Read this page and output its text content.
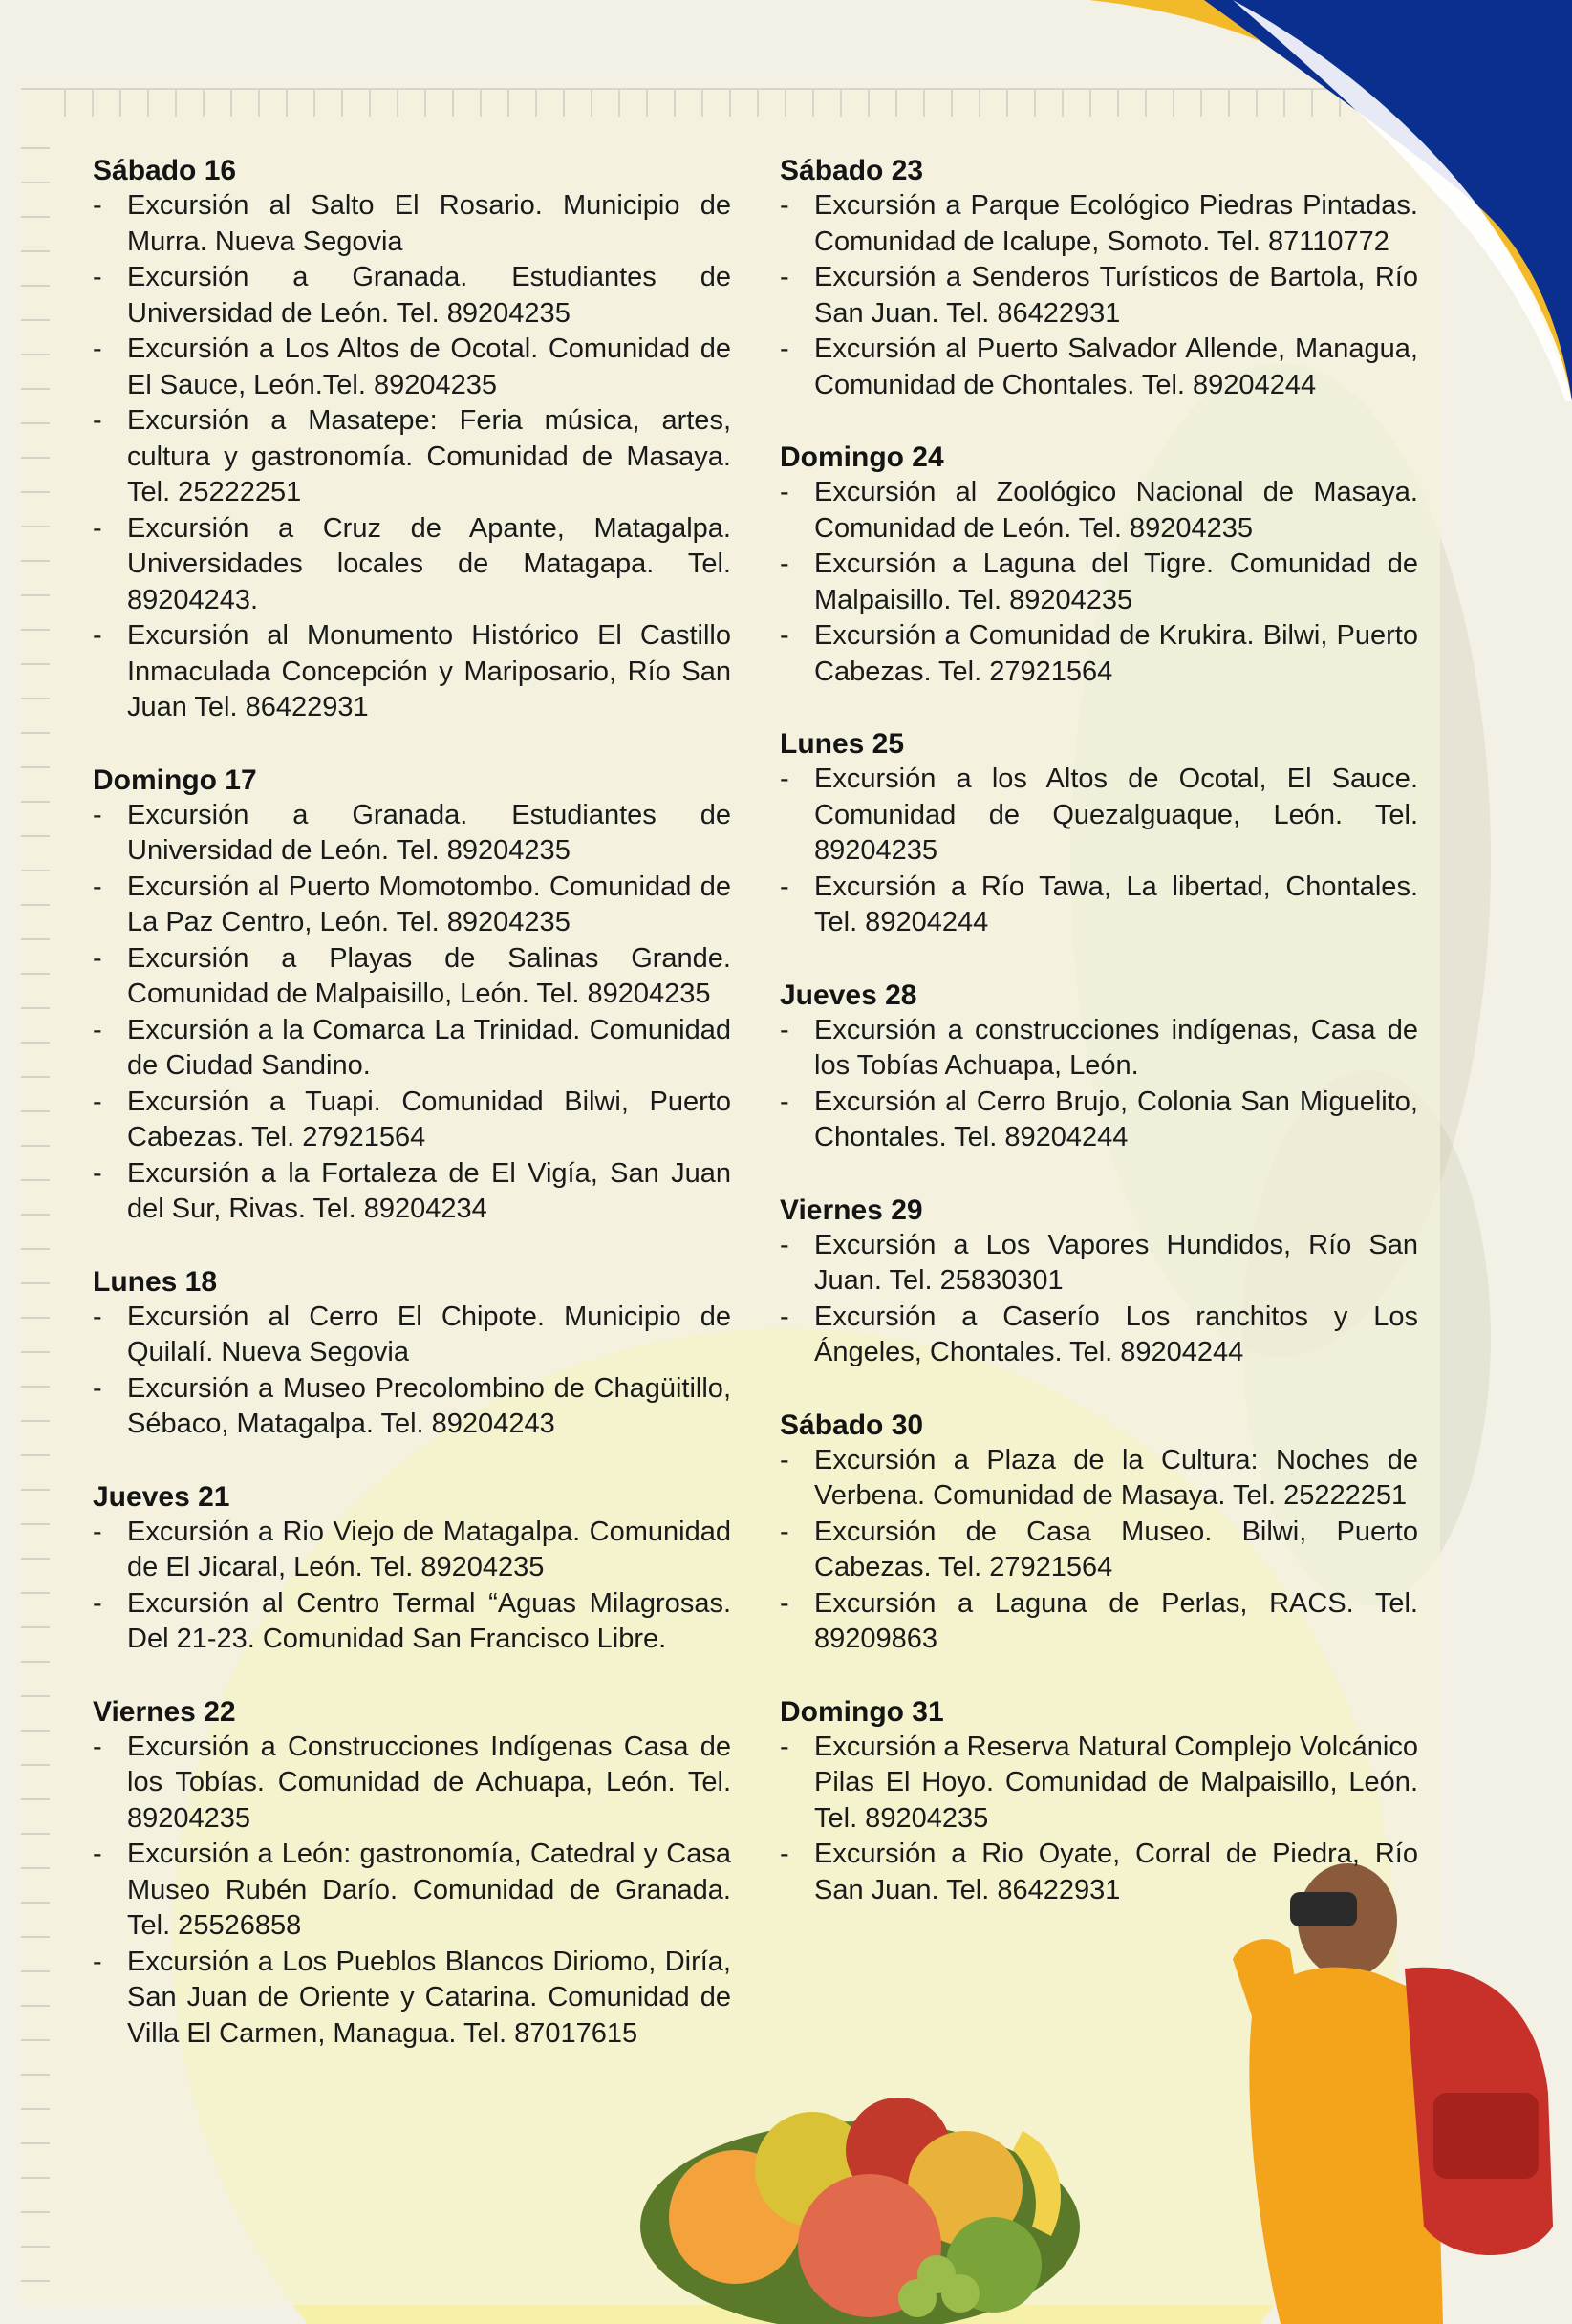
Sábado 16
- Excursión al Salto El Rosario. Municipio de Murra. Nueva Segovia
- Excursión a Granada. Estudiantes de Universidad de León. Tel. 89204235
- Excursión a Los Altos de Ocotal. Comunidad de El Sauce, León.Tel. 89204235
- Excursión a Masatepe: Feria música, artes, cultura y gastronomía. Comunidad de Masaya. Tel. 25222251
- Excursión a Cruz de Apante, Matagalpa. Universidades locales de Matagapa. Tel. 89204243.
- Excursión al Monumento Histórico El Castillo Inmaculada Concepción y Mariposario, Río San Juan Tel. 86422931
Domingo 17
- Excursión a Granada. Estudiantes de Universidad de León. Tel. 89204235
- Excursión al Puerto Momotombo. Comunidad de La Paz Centro, León. Tel. 89204235
- Excursión a Playas de Salinas Grande. Comunidad de Malpaisillo, León. Tel. 89204235
- Excursión a la Comarca La Trinidad. Comunidad de Ciudad Sandino.
- Excursión a Tuapi. Comunidad Bilwi, Puerto Cabezas. Tel. 27921564
- Excursión a la Fortaleza de El Vigía, San Juan del Sur, Rivas. Tel. 89204234
Lunes 18
- Excursión al Cerro El Chipote. Municipio de Quilalí. Nueva Segovia
- Excursión a Museo Precolombino de Chagüitillo, Sébaco, Matagalpa. Tel. 89204243
Jueves 21
- Excursión a Rio Viejo de Matagalpa. Comunidad de El Jicaral, León. Tel. 89204235
- Excursión al Centro Termal “Aguas Milagrosas. Del 21-23. Comunidad San Francisco Libre.
Viernes 22
- Excursión a Construcciones Indígenas Casa de los Tobías. Comunidad de Achuapa, León. Tel. 89204235
- Excursión a León: gastronomía, Catedral y Casa Museo Rubén Darío. Comunidad de Granada. Tel. 25526858
- Excursión a Los Pueblos Blancos Diriomo, Diría, San Juan de Oriente y Catarina. Comunidad de Villa El Carmen, Managua. Tel. 87017615
Sábado 23
- Excursión a Parque Ecológico Piedras Pintadas. Comunidad de Icalupe, Somoto. Tel. 87110772
- Excursión a Senderos Turísticos de Bartola, Río San Juan. Tel. 86422931
- Excursión al Puerto Salvador Allende, Managua, Comunidad de Chontales. Tel. 89204244
Domingo 24
- Excursión al Zoológico Nacional de Masaya. Comunidad de León. Tel. 89204235
- Excursión a Laguna del Tigre. Comunidad de Malpaisillo. Tel. 89204235
- Excursión a Comunidad de Krukira. Bilwi, Puerto Cabezas. Tel. 27921564
Lunes 25
- Excursión a los Altos de Ocotal, El Sauce. Comunidad de Quezalguaque, León. Tel. 89204235
- Excursión a Río Tawa, La libertad, Chontales. Tel. 89204244
Jueves 28
- Excursión a construcciones indígenas, Casa de los Tobías Achuapa, León.
- Excursión al Cerro Brujo, Colonia San Miguelito, Chontales. Tel. 89204244
Viernes 29
- Excursión a Los Vapores Hundidos, Río San Juan. Tel. 25830301
- Excursión a Caserío Los ranchitos y Los Ángeles, Chontales. Tel. 89204244
Sábado 30
- Excursión a Plaza de la Cultura: Noches de Verbena. Comunidad de Masaya. Tel. 25222251
- Excursión de Casa Museo. Bilwi, Puerto Cabezas. Tel. 27921564
- Excursión a Laguna de Perlas, RACS. Tel. 89209863
Domingo 31
- Excursión a Reserva Natural Complejo Volcánico Pilas El Hoyo. Comunidad de Malpaisillo, León. Tel. 89204235
- Excursión a Rio Oyate, Corral de Piedra, Río San Juan. Tel. 86422931
